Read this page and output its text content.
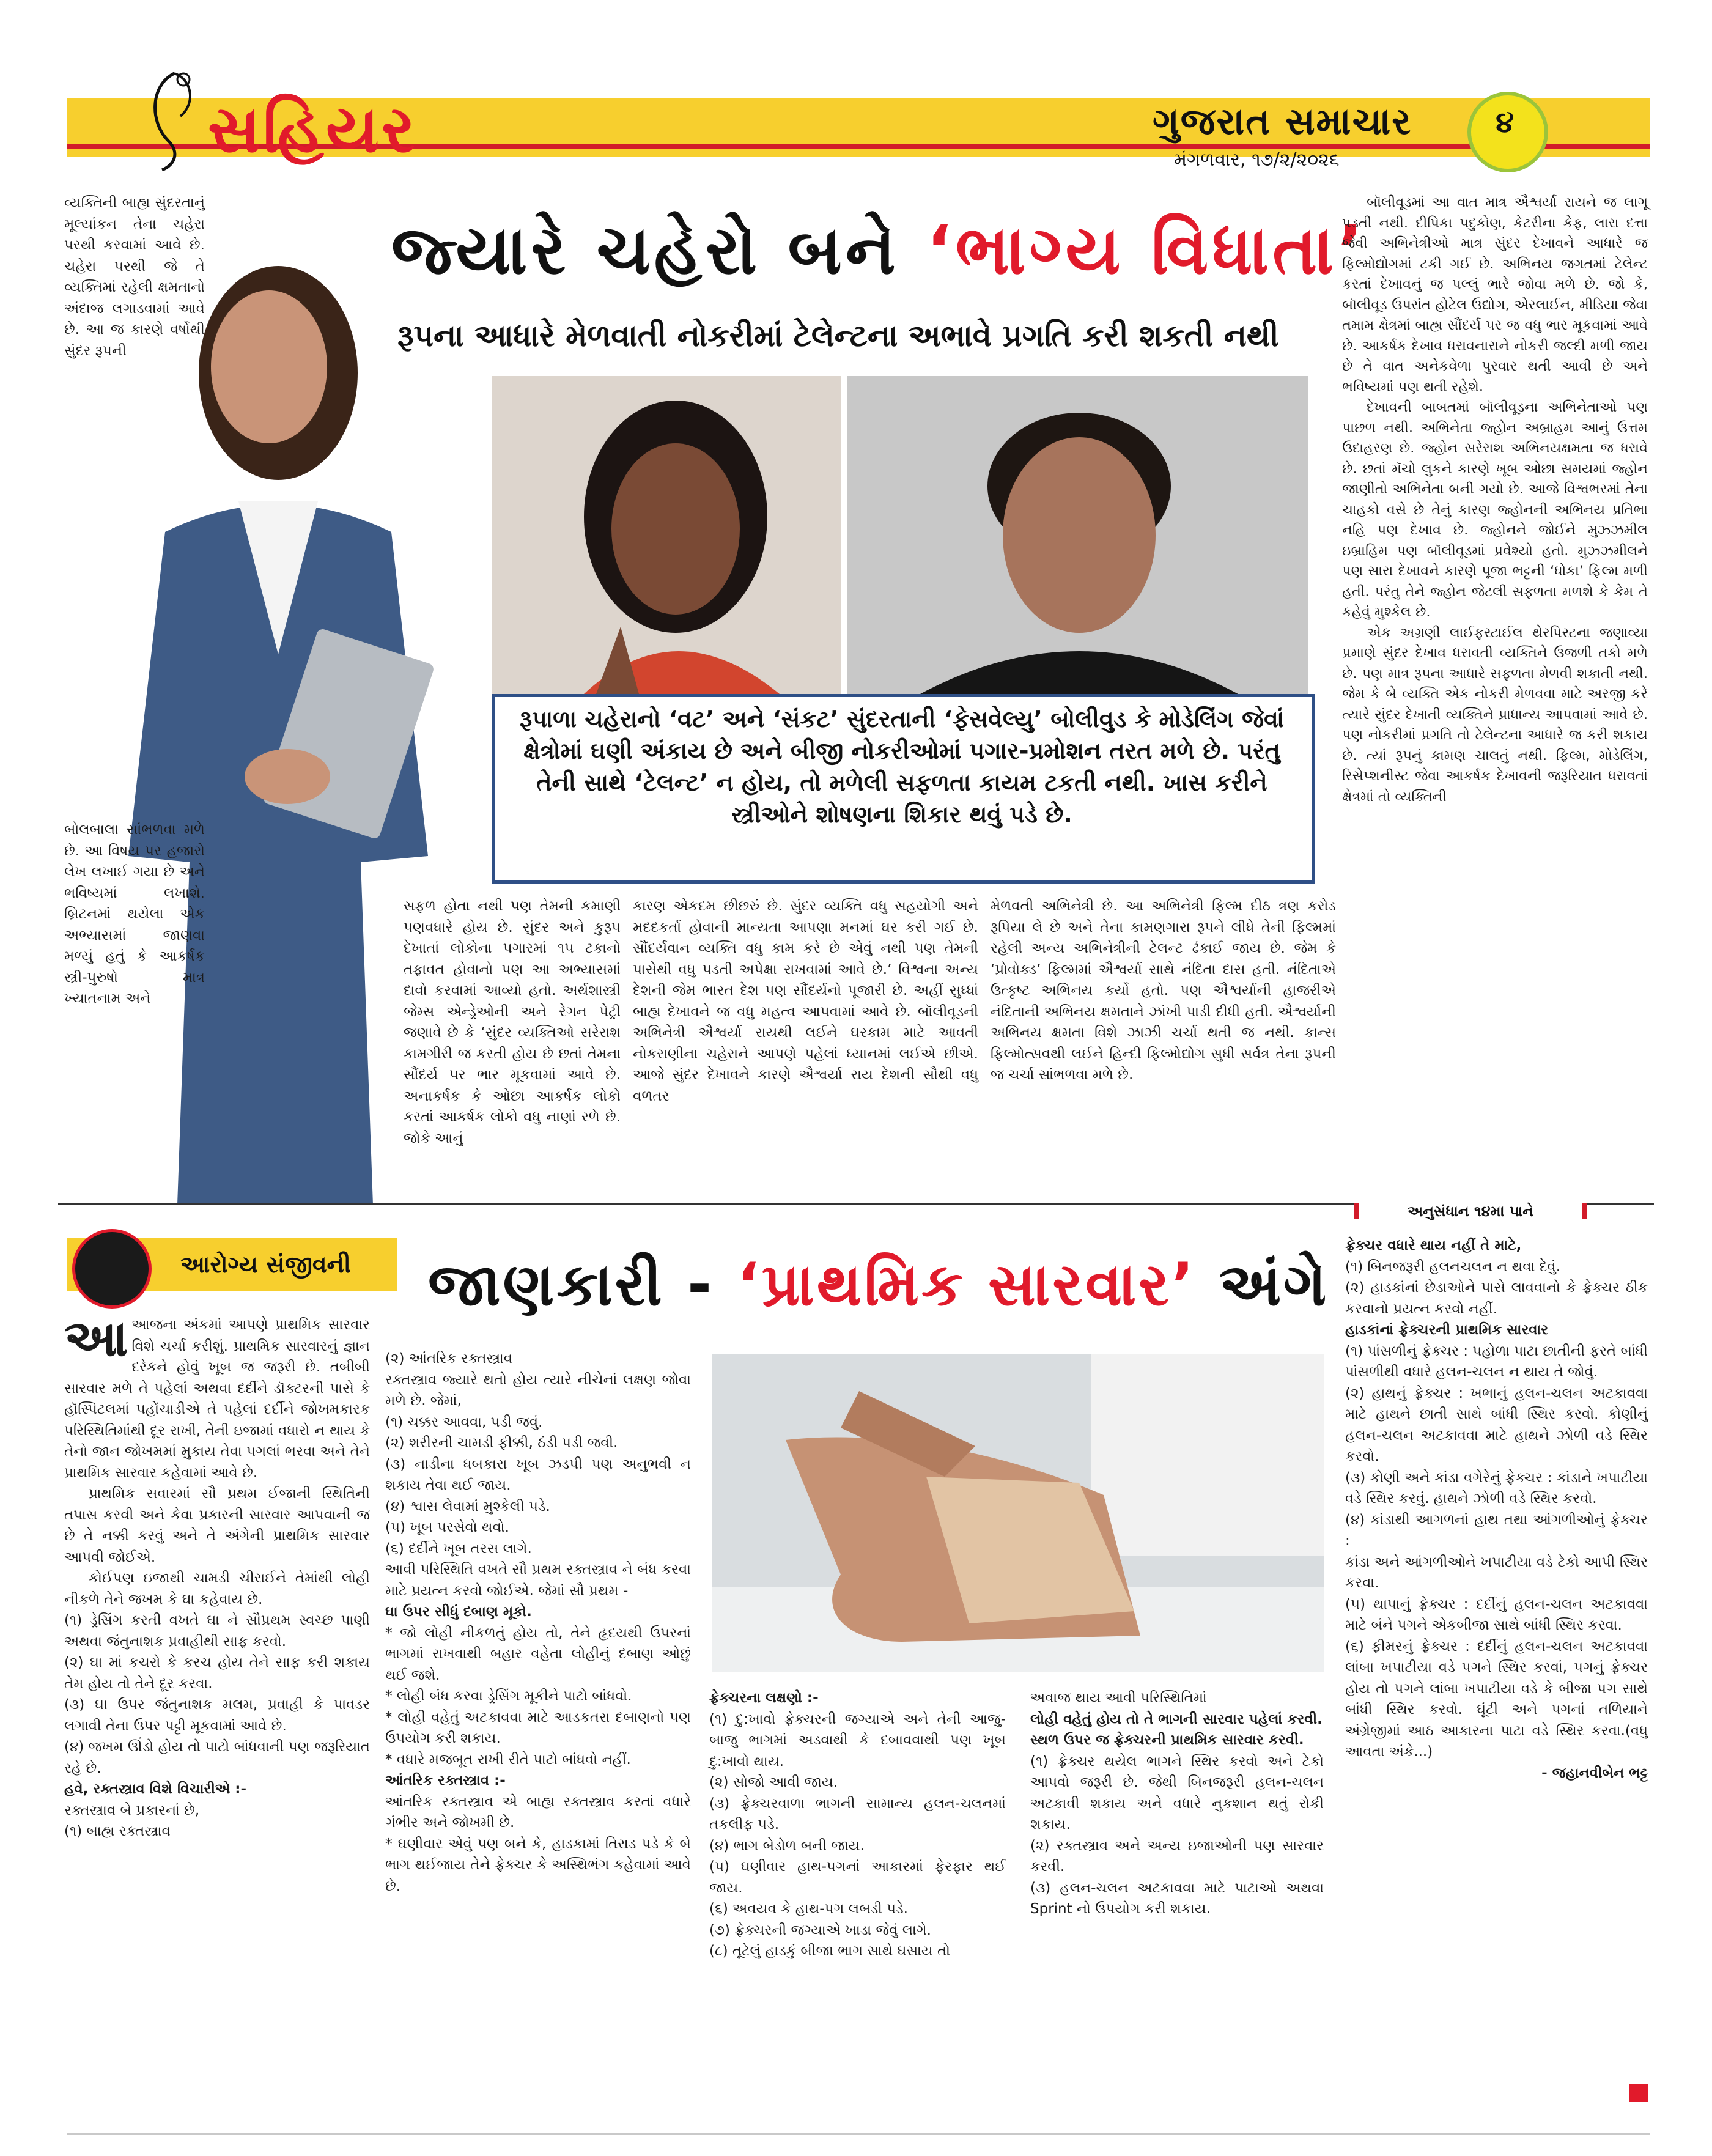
સહિયર	ગુજરાત સમાચાર
મંગળવાર, ૧૭/૨/૨૦૨૬
૪
જ્યારે ચહેરો બને ‘ભાગ્ય વિધાતા’
રૂપના આધારે મેળવાતી નોકરીમાં ટેલેન્ટના અભાવે પ્રગતિ કરી શકતી નથી
રૂપાળા ચહેરાનો ‘વટ’ અને ‘સંકટ’ સુંદરતાની ‘ફેસવેલ્યુ’ બોલીવુડ કે મોડેલિંગ જેવાં ક્ષેત્રોમાં ઘણી અંકાય છે અને બીજી નોકરીઓમાં પગાર-પ્રમોશન તરત મળે છે. પરંતુ તેની સાથે ‘ટેલન્ટ’ ન હોય, તો મળેલી સફળતા કાયમ ટકતી નથી. ખાસ કરીને સ્ત્રીઓને શોષણના શિકાર થવું પડે છે.

વ્યક્તિની બાહ્ય સુંદરતાનું મૂલ્યાંકન તેના ચહેરા પરથી કરવામાં આવે છે. ચહેરા પરથી જે તે વ્યક્તિમાં રહેલી ક્ષમતાનો અંદાજ લગાડવામાં આવે છે. આ જ કારણે વર્ષોથી સુંદર રૂપની

બોલબાલા સાંભળવા મળે છે. આ વિષય પર હજારો લેખ લખાઈ ગયા છે અને ભવિષ્યમાં લખાશે. બ્રિટનમાં થયેલા એક અભ્યાસમાં જાણવા મળ્યું હતું કે આકર્ષક સ્ત્રી-પુરુષો માત્ર ખ્યાતનામ અને

સફળ હોતા નથી પણ તેમની કમાણી પણવધારે હોય છે. સુંદર અને કુરૂપ દેખાતાં લોકોના પગારમાં ૧૫ ટકાનો તફાવત હોવાનો પણ આ અભ્યાસમાં દાવો કરવામાં આવ્યો હતો. અર્થશાસ્ત્રી જેમ્સ એન્ડ્રેઓની અને રેગન પેટ્રી જણાવે છે કે ‘સુંદર વ્યક્તિઓ સરેરાશ કામગીરી જ કરતી હોય છે છતાં તેમના સૌંદર્ય પર ભાર મૂકવામાં આવે છે. અનાકર્ષક કે ઓછા આકર્ષક લોકો કરતાં આકર્ષક લોકો વધુ નાણાં રળે છે. જોકે આનું

કારણ એકદમ છીછરું છે. સુંદર વ્યક્તિ વધુ સહયોગી અને મદદકર્તા હોવાની માન્યતા આપણા મનમાં ઘર કરી ગઈ છે. સૌંદર્યવાન વ્યક્તિ વધુ કામ કરે છે એવું નથી પણ તેમની પાસેથી વધુ પડતી અપેક્ષા રાખવામાં આવે છે.’ વિશ્વના અન્ય દેશની જેમ ભારત દેશ પણ સૌંદર્યનો પૂજારી છે. અહીં સુધ્ધાં બાહ્ય દેખાવને જ વધુ મહત્વ આપવામાં આવે છે. બૉલીવૂડની અભિનેત્રી ઐશ્વર્યા રાયથી લઈને ઘરકામ માટે આવતી નોકરાણીના ચહેરાને આપણે પહેલાં ધ્યાનમાં લઈએ છીએ. આજે સુંદર દેખાવને કારણે ઐશ્વર્યા રાય દેશની સૌથી વધુ વળતર

મેળવતી અભિનેત્રી છે. આ અભિનેત્રી ફિલ્મ દીઠ ત્રણ કરોડ રૂપિયા લે છે અને તેના કામણગારા રૂપને લીધે તેની ફિલ્મમાં રહેલી અન્ય અભિનેત્રીની ટેલન્ટ ઢંકાઈ જાય છે. જેમ કે ‘પ્રોવોક્ડ’ ફિલ્મમાં ઐશ્વર્યા સાથે નંદિતા દાસ હતી. નંદિતાએ ઉત્કૃષ્ટ અભિનય કર્યો હતો. પણ ઐશ્વર્યાની હાજરીએ નંદિતાની અભિનય ક્ષમતાને ઝાંખી પાડી દીધી હતી. ઐશ્વર્યાની અભિનય ક્ષમતા વિશે ઝાઝી ચર્ચા થતી જ નથી. કાન્સ ફિલ્મોત્સવથી લઈને હિન્દી ફિલ્મોદ્યોગ સુધી સર્વત્ર તેના રૂપની જ ચર્ચા સાંભળવા મળે છે.

બૉલીવૂડમાં આ વાત માત્ર ઐશ્વર્યા રાયને જ લાગૂ પડતી નથી. દીપિકા પદુકોણ, કેટરીના કેફ, લારા દત્તા જેવી અભિનેત્રીઓ માત્ર સુંદર દેખાવને આધારે જ ફિલ્મોદ્યોગમાં ટકી ગઈ છે. અભિનય જગતમાં ટેલેન્ટ કરતાં દેખાવનું જ પલ્લું ભારે જોવા મળે છે. જો કે, બૉલીવૂડ ઉપરાંત હોટેલ ઉદ્યોગ, એરલાઈન, મીડિયા જેવા તમામ ક્ષેત્રમાં બાહ્ય સૌંદર્ય પર જ વધુ ભાર મૂકવામાં આવે છે. આકર્ષક દેખાવ ધરાવનારાને નોકરી જલ્દી મળી જાય છે તે વાત અનેકવેળા પુરવાર થતી આવી છે અને ભવિષ્યમાં પણ થતી રહેશે.

દેખાવની બાબતમાં બૉલીવૂડના અભિનેતાઓ પણ પાછળ નથી. અભિનેતા જ્હોન અબ્રાહમ આનું ઉત્તમ ઉદાહરણ છે. જ્હોન સરેરાશ અભિનયક્ષમતા જ ધરાવે છે. છતાં મૅચો લુકને કારણે ખૂબ ઓછા સમયમાં જ્હોન જાણીતો અભિનેતા બની ગયો છે. આજે વિશ્વભરમાં તેના ચાહકો વસે છે તેનું કારણ જ્હોનની અભિનય પ્રતિભા નહિ પણ દેખાવ છે. જ્હોનને જોઈને મુઝ્ઝમીલ ઇબ્રાહિમ પણ બૉલીવૂડમાં પ્રવેશ્યો હતો. મુઝ્ઝમીલને પણ સારા દેખાવને કારણે પૂજા ભટ્ટની ‘ધોકા’ ફિલ્મ મળી હતી. પરંતુ તેને જ્હોન જેટલી સફળતા મળશે કે કેમ તે કહેવું મુશ્કેલ છે.

એક અગ્રણી લાઈફસ્ટાઈલ થેરપિસ્ટના જણાવ્યા પ્રમાણે સુંદર દેખાવ ધરાવતી વ્યક્તિને ઉજળી તકો મળે છે. પણ માત્ર રૂપના આધારે સફળતા મેળવી શકાતી નથી. જેમ કે બે વ્યક્તિ એક નોકરી મેળવવા માટે અરજી કરે ત્યારે સુંદર દેખાતી વ્યક્તિને પ્રાધાન્ય આપવામાં આવે છે. પણ નોકરીમાં પ્રગતિ તો ટેલેન્ટના આધારે જ કરી શકાય છે. ત્યાં રૂપનું કામણ ચાલતું નથી. ફિલ્મ, મોડેલિંગ, રિસેપ્શનીસ્ટ જેવા આકર્ષક દેખાવની જરૂરિયાત ધરાવતાં ક્ષેત્રમાં તો વ્યક્તિની

અનુસંધાન ૧૪મા પાને
આરોગ્ય સંજીવની જાણકારી - ‘પ્રાથમિક સારવાર’ અંગે

આઆજના અંકમાં આપણે પ્રાથમિક સારવાર વિશે ચર્ચા કરીશું. પ્રાથમિક સારવારનું જ્ઞાન દરેકને હોવું ખૂબ જ જરૂરી છે. તબીબી સારવાર મળે તે પહેલાં અથવા દર્દીને ડૉક્ટરની પાસે કે હૉસ્પિટલમાં પહોંચાડીએ તે પહેલાં દર્દીને જોખમકારક પરિસ્થિતિમાંથી દૂર રાખી, તેની ઇજામાં વધારો ન થાય કે તેનો જાન જોખમમાં મુકાય તેવા પગલાં ભરવા અને તેને પ્રાથમિક સારવાર કહેવામાં આવે છે.

પ્રાથમિક સવારમાં સૌ પ્રથમ ઈજાની સ્થિતિની તપાસ કરવી અને કેવા પ્રકારની સારવાર આપવાની જ છે તે નક્કી કરવું અને તે અંગેની પ્રાથમિક સારવાર આપવી જોઈએ.

કોઈપણ ઇજાથી ચામડી ચીરાઈને તેમાંથી લોહી નીકળે તેને જખમ કે ઘા કહેવાય છે.

(૧) ડ્રેસિંગ કરતી વખતે ઘા ને સૌપ્રથમ સ્વચ્છ પાણી અથવા જંતુનાશક પ્રવાહીથી સાફ કરવો.
(૨) ઘા માં કચરો કે કરચ હોય તેને સાફ કરી શકાય તેમ હોય તો તેને દૂર કરવા.
(૩) ઘા ઉપર જંતુનાશક મલમ, પ્રવાહી કે પાવડર લગાવી તેના ઉપર પટ્ટી મૂકવામાં આવે છે.
(૪) જખમ ઊંડો હોય તો પાટો બાંધવાની પણ જરૂરિયાત રહે છે.
હવે, રક્તસ્ત્રાવ વિશે વિચારીએ :-
રક્તસ્ત્રાવ બે પ્રકારનાં છે,
(૧) બાહ્ય રક્તસ્ત્રાવ
(૨) આંતરિક રક્તસ્ત્રાવ
રક્તસ્ત્રાવ જ્યારે થતો હોય ત્યારે નીચેનાં લક્ષણ જોવા મળે છે. જેમાં,
(૧) ચક્કર આવવા, પડી જવું.
(૨) શરીરની ચામડી ફીક્કી, ઠંડી પડી જવી.
(૩) નાડીના ધબકારા ખૂબ ઝડપી પણ અનુભવી ન શકાય તેવા થઈ જાય.
(૪) શ્વાસ લેવામાં મુશ્કેલી પડે.
(૫) ખૂબ પરસેવો થવો.
(૬) દર્દીને ખૂબ તરસ લાગે.
આવી પરિસ્થિતિ વખતે સૌ પ્રથમ રક્તસ્ત્રાવ ને બંધ કરવા માટે પ્રયત્ન કરવો જોઈએ. જેમાં સૌ પ્રથમ -
ઘા ઉપર સીધું દબાણ મૂકો.
* જો લોહી નીકળતું હોય તો, તેને હૃદયથી ઉપરનાં ભાગમાં રાખવાથી બહાર વહેતા લોહીનું દબાણ ઓછું થઈ જશે.
* લોહી બંધ કરવા ડ્રેસિંગ મૂકીને પાટો બાંધવો.
* લોહી વહેતું અટકાવવા માટે આડકતરા દબાણનો પણ ઉપયોગ કરી શકાય.
* વધારે મજબૂત રાખી રીતે પાટો બાંધવો નહીં.
આંતરિક રક્તસ્ત્રાવ :-
આંતરિક રક્તસ્ત્રાવ એ બાહ્ય રક્તસ્ત્રાવ કરતાં વધારે ગંભીર અને જોખમી છે.
* ઘણીવાર એવું પણ બને કે, હાડકામાં તિરાડ પડે કે બે ભાગ થઈજાય તેને ફ્રેક્ચર કે અસ્થિભંગ કહેવામાં આવે છે.
ફ્રેક્ચરના લક્ષણો :-
(૧) દુ:ખાવો ફ્રેક્ચરની જગ્યાએ અને તેની આજુ-બાજુ ભાગમાં અડવાથી કે દબાવવાથી પણ ખૂબ દુ:ખાવો થાય.
(૨) સોજો આવી જાય.
(૩) ફ્રેક્ચરવાળા ભાગની સામાન્ય હલન-ચલનમાં તકલીફ પડે.
(૪) ભાગ બેડોળ બની જાય.
(૫) ઘણીવાર હાથ-પગનાં આકારમાં ફેરફાર થઈ જાય.
(૬) અવયવ કે હાથ-પગ લબડી પડે.
(૭) ફ્રેક્ચરની જગ્યાએ ખાડા જેવું લાગે.
(૮) તૂટેલું હાડકું બીજા ભાગ સાથે ઘસાય તો
અવાજ થાય આવી પરિસ્થિતિમાં
લોહી વહેતું હોય તો તે ભાગની સારવાર પહેલાં કરવી.
સ્થળ ઉપર જ ફ્રેક્ચરની પ્રાથમિક સારવાર કરવી.
(૧) ફ્રેક્ચર થયેલ ભાગને સ્થિર કરવો અને ટેકો આપવો જરૂરી છે. જેથી બિનજરૂરી હલન-ચલન અટકાવી શકાય અને વધારે નુકશાન થતું રોકી શકાય.
(૨) રક્તસ્ત્રાવ અને અન્ય ઇજાઓની પણ સારવાર કરવી.
(૩) હલન-ચલન અટકાવવા માટે પાટાઓ અથવા Sprint નો ઉપયોગ કરી શકાય.
ફ્રેક્ચર વધારે થાય નહીં તે માટે,
(૧) બિનજરૂરી હલનચલન ન થવા દેવું.
(૨) હાડકાંનાં છેડાઓને પાસે લાવવાનો કે ફ્રેક્ચર ઠીક કરવાનો પ્રયત્ન કરવો નહીં.
હાડકાંનાં ફ્રેક્ચરની પ્રાથમિક સારવાર
(૧) પાંસળીનું ફ્રેક્ચર : પહોળા પાટા છાતીની ફરતે બાંધી પાંસળીથી વધારે હલન-ચલન ન થાય તે જોવું.
(૨) હાથનું ફ્રેક્ચર : ખભાનું હલન-ચલન અટકાવવા માટે હાથને છાતી સાથે બાંધી સ્થિર કરવો. કોણીનું હલન-ચલન અટકાવવા માટે હાથને ઝોળી વડે સ્થિર કરવો.
(૩) કોણી અને કાંડા વગેરેનું ફ્રેક્ચર : કાંડાને ખપાટીયા વડે સ્થિર કરવું. હાથને ઝોળી વડે સ્થિર કરવો.
(૪) કાંડાથી આગળનાં હાથ તથા આંગળીઓનું ફ્રેક્ચર :
કાંડા અને આંગળીઓને ખપાટીયા વડે ટેકો આપી સ્થિર કરવા.
(૫) થાપાનું ફ્રેક્ચર : દર્દીનું હલન-ચલન અટકાવવા માટે બંને પગને એકબીજા સાથે બાંધી સ્થિર કરવા.
(૬) ફીમરનું ફ્રેક્ચર : દર્દીનું હલન-ચલન અટકાવવા લાંબા ખપાટીયા વડે પગને સ્થિર કરવાં, પગનું ફ્રેક્ચર હોય તો પગને લાંબા ખપાટીયા વડે કે બીજા પગ સાથે બાંધી સ્થિર કરવો. ઘૂંટી અને પગનાં તળિયાને અંગ્રેજીમાં આઠ આકારના પાટા વડે સ્થિર કરવા.(વધુ આવતા અંકે...)
- જહાનવીબેન ભટ્ટ
